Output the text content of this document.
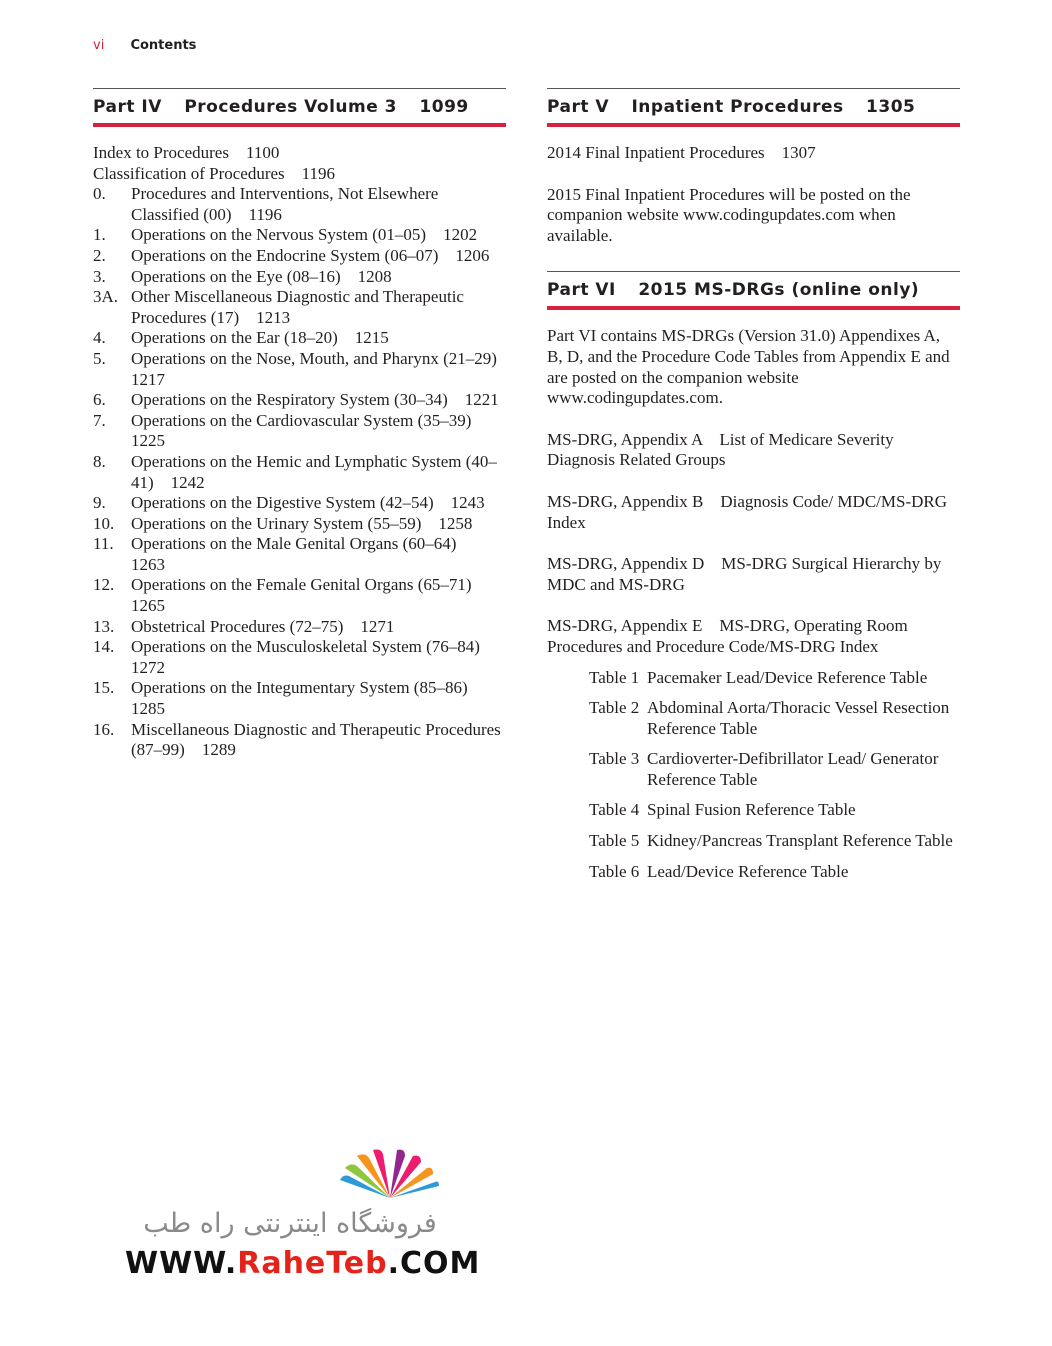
vi Contents
Part IV Procedures Volume 3 1099

Index to Procedures    1100

Classification of Procedures    1196

0.	Procedures and Interventions, Not Elsewhere Classified (00)    1196
1.	Operations on the Nervous System (01–05)    1202
2.	Operations on the Endocrine System (06–07)    1206
3.	Operations on the Eye (08–16)    1208
3A. Other Miscellaneous Diagnostic and Therapeutic Procedures (17)    1213
4.	Operations on the Ear (18–20)    1215
5.	Operations on the Nose, Mouth, and Pharynx (21–29)    1217
6.	Operations on the Respiratory System (30–34)    1221
7.	Operations on the Cardiovascular System (35–39)    1225
8.	Operations on the Hemic and Lymphatic System (40–41)    1242
9.	Operations on the Digestive System (42–54)    1243
10. Operations on the Urinary System (55–59)    1258
11.	Operations on the Male Genital Organs (60–64)    1263
12. Operations on the Female Genital Organs (65–71)    1265
13. Obstetrical Procedures (72–75)    1271
14. Operations on the Musculoskeletal System (76–84)    1272
15. Operations on the Integumentary System (85–86)    1285
16. Miscellaneous Diagnostic and Therapeutic Procedures (87–99)    1289
Part V Inpatient Procedures 1305

2014 Final Inpatient Procedures    1307

2015 Final Inpatient Procedures will be posted on the companion website www.codingupdates.com when available.

Part VI 2015 MS-DRGs (online only)

Part VI contains MS-DRGs (Version 31.0) Appendixes A, B, D, and the Procedure Code Tables from Appendix E and are posted on the companion website www.codingupdates.com.

MS-DRG, Appendix A    List of Medicare Severity Diagnosis Related Groups

MS-DRG, Appendix B    Diagnosis Code/ MDC/MS-DRG Index

MS-DRG, Appendix D    MS-DRG Surgical Hierarchy by MDC and MS-DRG

MS-DRG, Appendix E    MS-DRG, Operating Room Procedures and Procedure Code/MS-DRG Index

Table 1 Pacemaker Lead/Device Reference Table
Table 2 Abdominal Aorta/Thoracic Vessel Resection Reference Table
Table 3 Cardioverter-Defibrillator Lead/ Generator Reference Table
Table 4 Spinal Fusion Reference Table
Table 5 Kidney/Pancreas Transplant Reference Table
Table 6 Lead/Device Reference Table
فروشگاه اینترنتی راه طب
WWW.RaheTeb.COM
